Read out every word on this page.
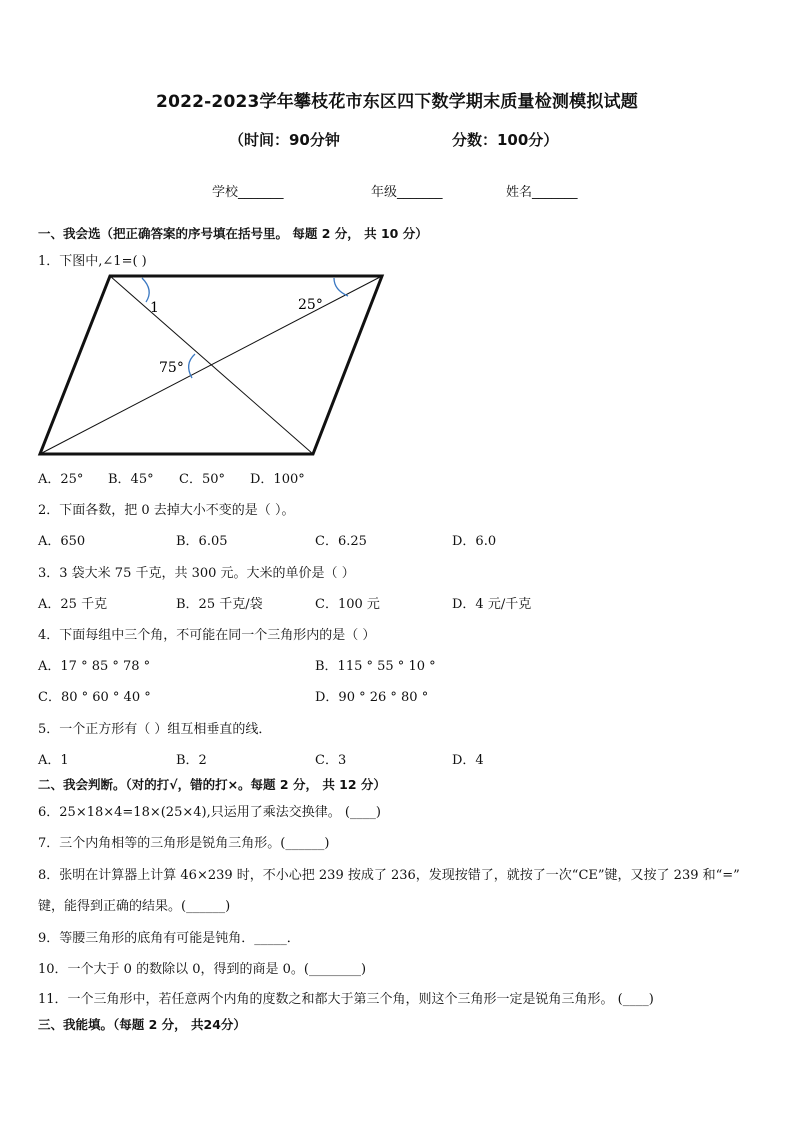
2022-2023学年攀枝花市东区四下数学期末质量检测模拟试题
（时间：90分钟	分数：100分）
学校_______	年级_______	姓名_______
一、我会选（把正确答案的序号填在括号里。 每题 2 分， 共 10 分）
1．下图中,∠1=( )
1	25°
75°
A．25° B．45° C．50° D．100°
2．下面各数，把 0 去掉大小不变的是（ ）。
A．650	B．6.05	C．6.25	D．6.0
3．3 袋大米 75 千克，共 300 元。大米的单价是（ ）
A．25 千克	B．25 千克/袋	C．100 元	D．4 元/千克
4．下面每组中三个角，不可能在同一个三角形内的是（ ）
A．17 ° 85 ° 78 °	B．115 ° 55 ° 10 °
C．80 ° 60 ° 40 °	D．90 ° 26 ° 80 °
5．一个正方形有（ ）组互相垂直的线．
A．1	B．2	C．3	D．4
二、我会判断。（对的打√，错的打×。每题 2 分， 共 12 分）
6．25×18×4=18×(25×4),只运用了乘法交换律。 (____)
7．三个内角相等的三角形是锐角三角形。(______)
8．张明在计算器上计算 46×239 时，不小心把 239 按成了 236，发现按错了，就按了一次“CE”键，又按了 239 和“=”
键，能得到正确的结果。(______)
9．等腰三角形的底角有可能是钝角．_____．
10．一个大于 0 的数除以 0，得到的商是 0。(________)
11．一个三角形中，若任意两个内角的度数之和都大于第三个角，则这个三角形一定是锐角三角形。 (____)
三、我能填。（每题 2 分， 共24分）
